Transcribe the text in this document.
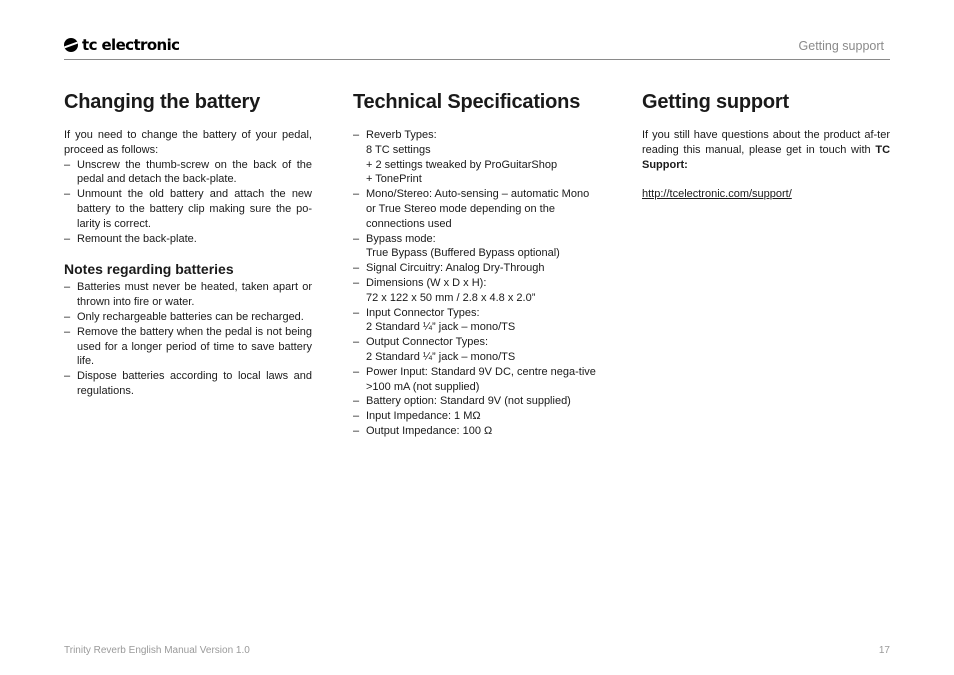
tc electronic	Getting support
Changing the battery

If you need to change the battery of your pedal, proceed as follows:

– Unscrew the thumb-screw on the back of the pedal and detach the back-plate.
– Unmount the old battery and attach the new battery to the battery clip making sure the po-larity is correct.
– Remount the back-plate.
Notes regarding batteries
– Batteries must never be heated, taken apart or thrown into fire or water.
– Only rechargeable batteries can be recharged.
– Remove the battery when the pedal is not being used for a longer period of time to save battery life.
– Dispose batteries according to local laws and regulations.
Technical Specifications
– Reverb Types:
8 TC settings
+ 2 settings tweaked by ProGuitarShop
+ TonePrint
– Mono/Stereo: Auto-sensing – automatic Mono or True Stereo mode depending on the connections used
– Bypass mode:
True Bypass (Buffered Bypass optional)
– Signal Circuitry: Analog Dry-Through
– Dimensions (W x D x H):
72 x 122 x 50 mm / 2.8 x 4.8 x 2.0”
– Input Connector Types:
2 Standard ¼” jack – mono/TS
– Output Connector Types:
2 Standard ¼” jack – mono/TS
– Power Input: Standard 9V DC, centre nega-tive >100 mA (not supplied)
– Battery option: Standard 9V (not supplied)
– Input Impedance: 1 MΩ
– Output Impedance: 100 Ω
Getting support

If you still have questions about the product af-ter reading this manual, please get in touch with TC Support:

http://tcelectronic.com/support/

Trinity Reverb English Manual Version 1.0	17
